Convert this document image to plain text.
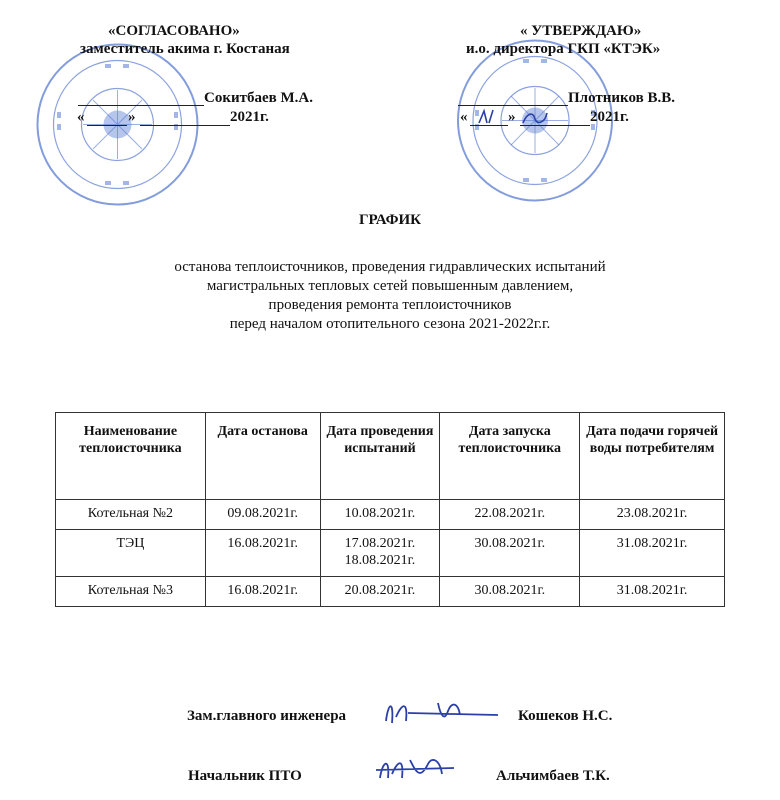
«СОГЛАСОВАНО»
заместитель акима г. Костаная
Сокитбаев М.А.
«	»	2021г.
« УТВЕРЖДАЮ»
и.о. директора ГКП «КТЭК»
Плотников В.В.
«	»	2021г.
ГРАФИК
останова теплоисточников, проведения гидравлических испытаний
магистральных тепловых сетей повышенным давлением,
проведения ремонта теплоисточников
перед началом отопительного сезона 2021-2022г.г.
Наименование теплоисточника	Дата останова	Дата проведения испытаний	Дата запуска теплоисточника	Дата подачи горячей воды потребителям
Котельная №2	09.08.2021г.	10.08.2021г.	22.08.2021г.	23.08.2021г.
ТЭЦ	16.08.2021г.	17.08.2021г. 18.08.2021г.	30.08.2021г.	31.08.2021г.
Котельная №3	16.08.2021г.	20.08.2021г.	30.08.2021г.	31.08.2021г.
Зам.главного инженера	Кошеков Н.С.
Начальник ПТО	Альчимбаев Т.К.
